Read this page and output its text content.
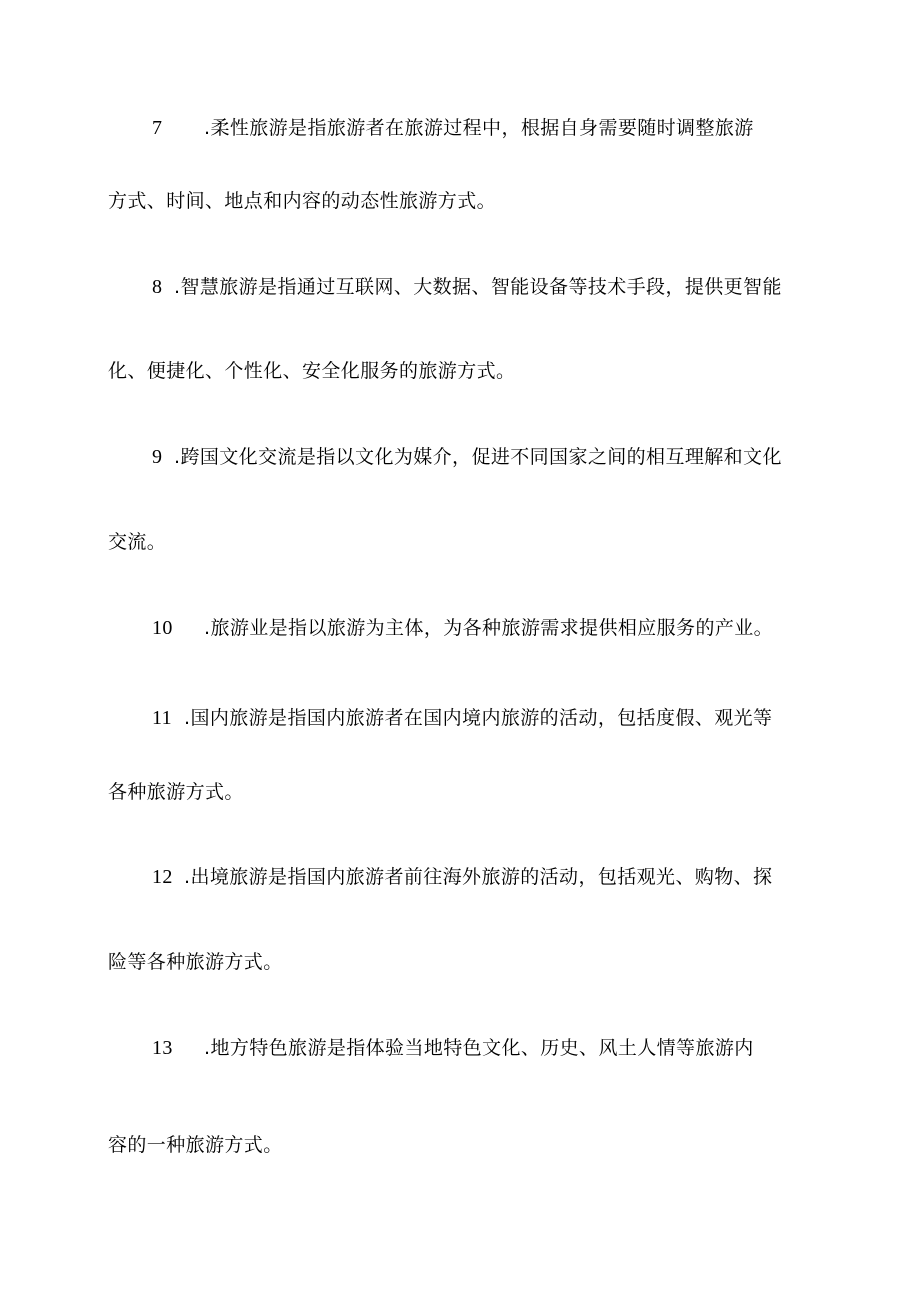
7 .柔性旅游是指旅游者在旅游过程中，根据自身需要随时调整旅游
方式、时间、地点和内容的动态性旅游方式。
8 .智慧旅游是指通过互联网、大数据、智能设备等技术手段，提供更智能
化、便捷化、个性化、安全化服务的旅游方式。
9 .跨国文化交流是指以文化为媒介，促进不同国家之间的相互理解和文化
交流。
10 .旅游业是指以旅游为主体，为各种旅游需求提供相应服务的产业。
11 .国内旅游是指国内旅游者在国内境内旅游的活动，包括度假、观光等
各种旅游方式。
12 .出境旅游是指国内旅游者前往海外旅游的活动，包括观光、购物、探
险等各种旅游方式。
13 .地方特色旅游是指体验当地特色文化、历史、风土人情等旅游内
容的一种旅游方式。
